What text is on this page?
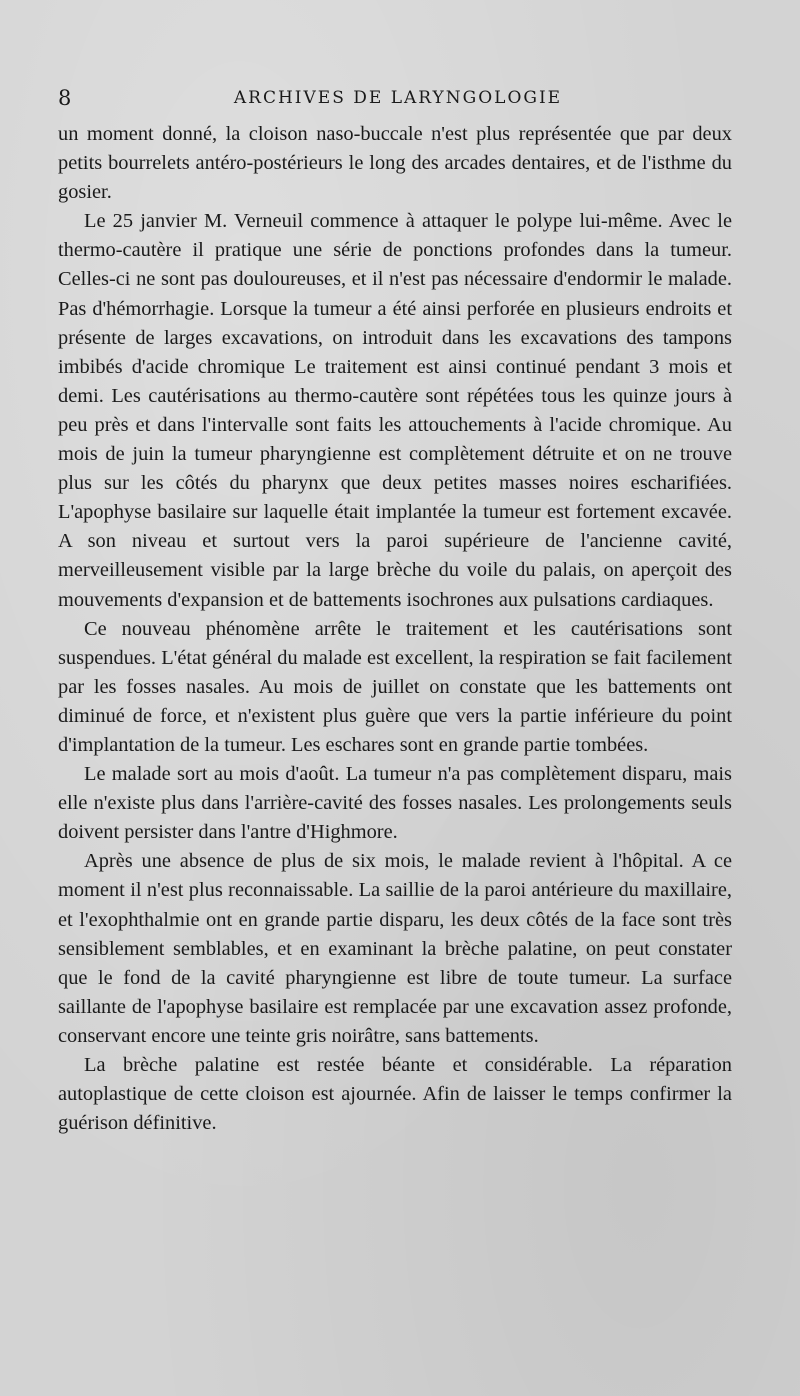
8	ARCHIVES DE LARYNGOLOGIE

un moment donné, la cloison naso-buccale n'est plus représentée que par deux petits bourrelets antéro-postérieurs le long des arcades dentaires, et de l'isthme du gosier.

Le 25 janvier M. Verneuil commence à attaquer le polype lui-même. Avec le thermo-cautère il pratique une série de ponctions profondes dans la tumeur. Celles-ci ne sont pas douloureuses, et il n'est pas nécessaire d'endormir le malade. Pas d'hémorrhagie. Lorsque la tumeur a été ainsi perforée en plusieurs endroits et présente de larges excavations, on introduit dans les excavations des tampons imbibés d'acide chromique Le traitement est ainsi continué pendant 3 mois et demi. Les cautérisations au thermo-cautère sont répétées tous les quinze jours à peu près et dans l'intervalle sont faits les attouchements à l'acide chromique. Au mois de juin la tumeur pharyngienne est complètement détruite et on ne trouve plus sur les côtés du pharynx que deux petites masses noires escharifiées. L'apophyse basilaire sur laquelle était implantée la tumeur est fortement excavée. A son niveau et surtout vers la paroi supérieure de l'ancienne cavité, merveilleusement visible par la large brèche du voile du palais, on aperçoit des mouvements d'expansion et de battements isochrones aux pulsations cardiaques.

Ce nouveau phénomène arrête le traitement et les cautérisations sont suspendues. L'état général du malade est excellent, la respiration se fait facilement par les fosses nasales. Au mois de juillet on constate que les battements ont diminué de force, et n'existent plus guère que vers la partie inférieure du point d'implantation de la tumeur. Les eschares sont en grande partie tombées.

Le malade sort au mois d'août. La tumeur n'a pas complètement disparu, mais elle n'existe plus dans l'arrière-cavité des fosses nasales. Les prolongements seuls doivent persister dans l'antre d'Highmore.

Après une absence de plus de six mois, le malade revient à l'hôpital. A ce moment il n'est plus reconnaissable. La saillie de la paroi antérieure du maxillaire, et l'exophthalmie ont en grande partie disparu, les deux côtés de la face sont très sensiblement semblables, et en examinant la brèche palatine, on peut constater que le fond de la cavité pharyngienne est libre de toute tumeur. La surface saillante de l'apophyse basilaire est remplacée par une excavation assez profonde, conservant encore une teinte gris noirâtre, sans battements.

La brèche palatine est restée béante et considérable. La réparation autoplastique de cette cloison est ajournée. Afin de laisser le temps confirmer la guérison définitive.
